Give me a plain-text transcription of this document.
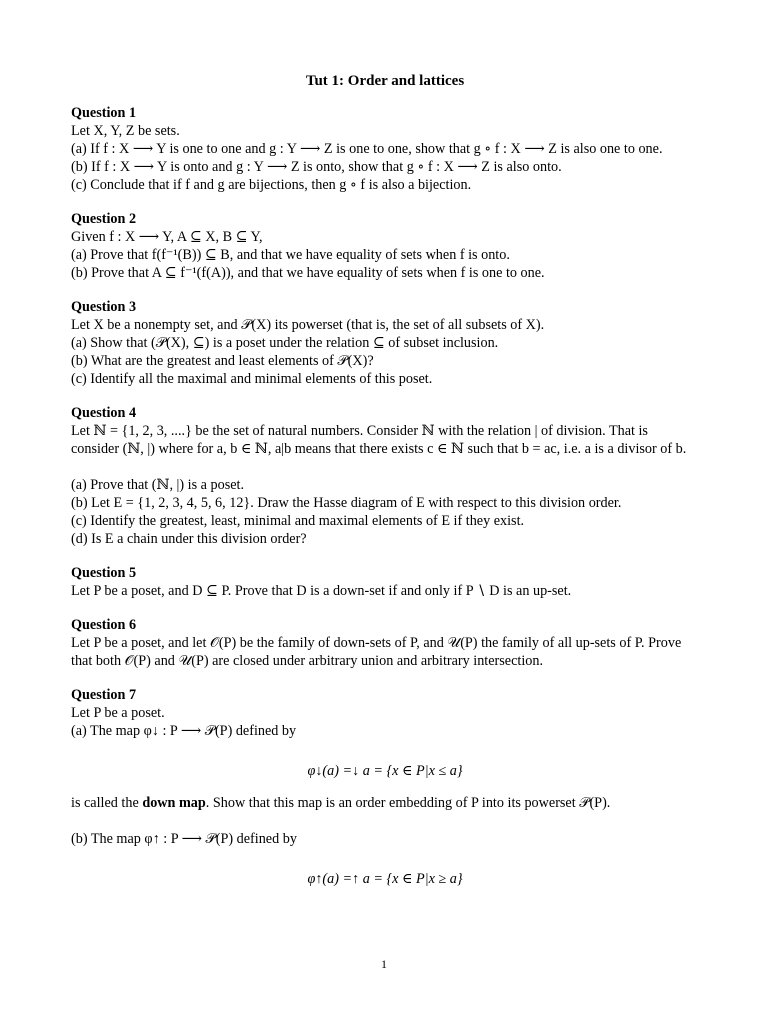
Tut 1: Order and lattices
Question 1

Let X, Y, Z be sets.

(a) If f : X ⟶ Y is one to one and g : Y ⟶ Z is one to one, show that g ∘ f : X ⟶ Z is also one to one.

(b) If f : X ⟶ Y is onto and g : Y ⟶ Z is onto, show that g ∘ f : X ⟶ Z is also onto.

(c) Conclude that if f and g are bijections, then g ∘ f is also a bijection.

Question 2

Given f : X ⟶ Y, A ⊆ X, B ⊆ Y,

(a) Prove that f(f⁻¹(B)) ⊆ B, and that we have equality of sets when f is onto.

(b) Prove that A ⊆ f⁻¹(f(A)), and that we have equality of sets when f is one to one.

Question 3

Let X be a nonempty set, and 𝒫(X) its powerset (that is, the set of all subsets of X).

(a) Show that (𝒫(X), ⊆) is a poset under the relation ⊆ of subset inclusion.

(b) What are the greatest and least elements of 𝒫(X)?

(c) Identify all the maximal and minimal elements of this poset.

Question 4

Let ℕ = {1, 2, 3, ....} be the set of natural numbers. Consider ℕ with the relation | of division. That is consider (ℕ, |) where for a, b ∈ ℕ, a|b means that there exists c ∈ ℕ such that b = ac, i.e. a is a divisor of b.

(a) Prove that (ℕ, |) is a poset.

(b) Let E = {1, 2, 3, 4, 5, 6, 12}. Draw the Hasse diagram of E with respect to this division order.

(c) Identify the greatest, least, minimal and maximal elements of E if they exist.

(d) Is E a chain under this division order?

Question 5

Let P be a poset, and D ⊆ P. Prove that D is a down-set if and only if P ∖ D is an up-set.

Question 6

Let P be a poset, and let 𝒪(P) be the family of down-sets of P, and 𝒰(P) the family of all up-sets of P. Prove that both 𝒪(P) and 𝒰(P) are closed under arbitrary union and arbitrary intersection.

Question 7

Let P be a poset.

(a) The map φ↓ : P ⟶ 𝒫(P) defined by

φ↓(a) =↓ a = {x ∈ P|x ≤ a}

is called the down map. Show that this map is an order embedding of P into its powerset 𝒫(P).

(b) The map φ↑ : P ⟶ 𝒫(P) defined by

φ↑(a) =↑ a = {x ∈ P|x ≥ a}
1
